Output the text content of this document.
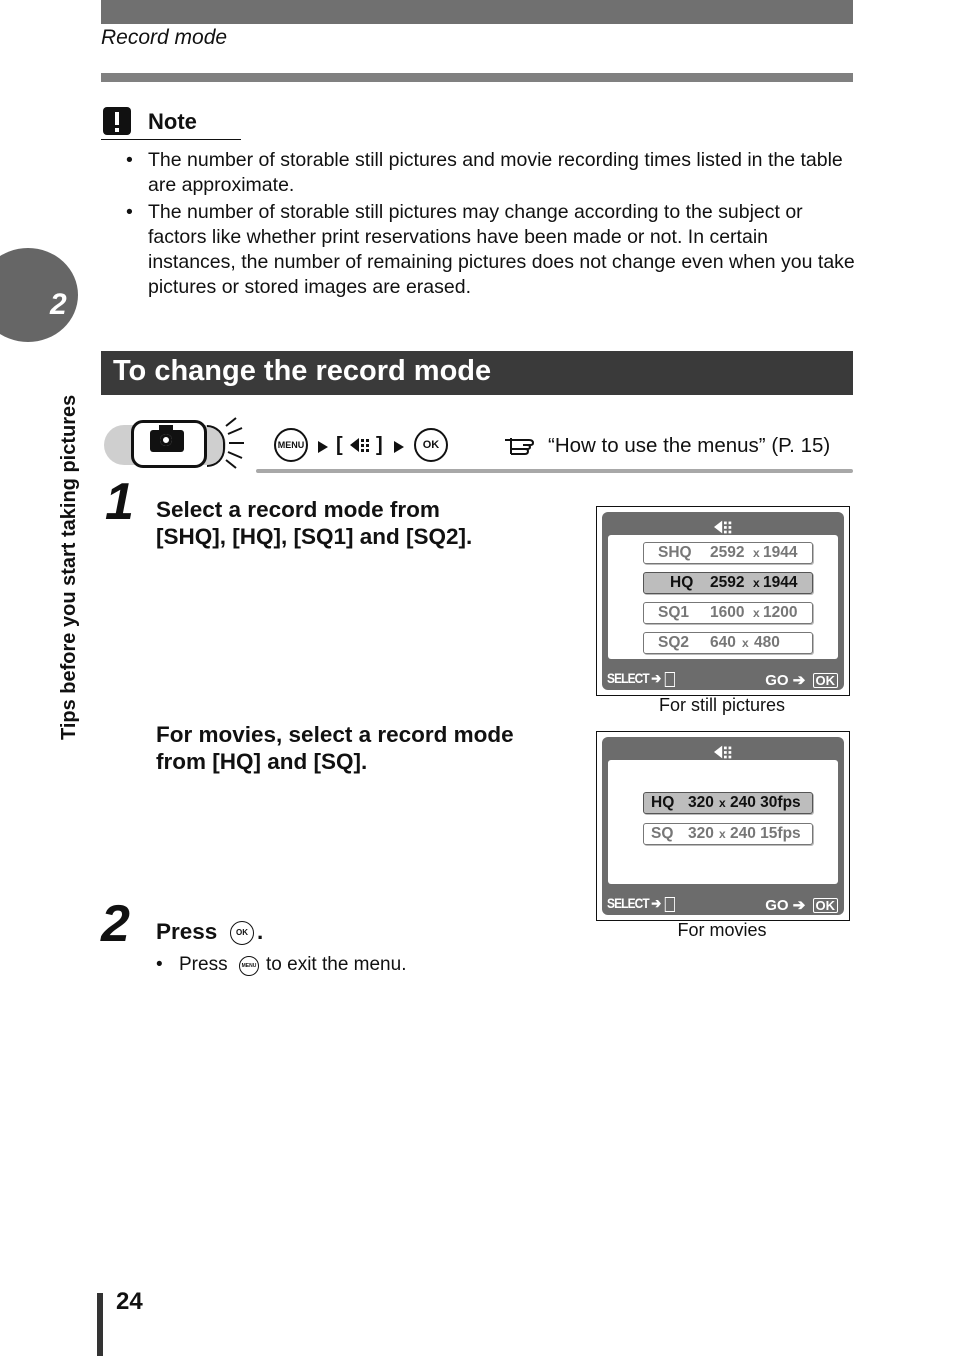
Record mode
2
Tips before you start taking pictures
Note
• The number of storable still pictures and movie recording times listed in the table are approximate.
• The number of storable still pictures may change according to the subject or factors like whether print reservations have been made or not. In certain instances, the number of remaining pictures does not change even when you take pictures or stored images are erased.
To change the record mode
MENU [ ]	OK	“How to use the menus” (P. 15)
1 Select a record mode from
[SHQ], [HQ], [SQ1] and [SQ2].
For movies, select a record mode
from [HQ] and [SQ].
2 Press	OK .
• Press	MENU to exit the menu.
SHQ 2592 x 1944
HQ 2592 x 1944
SQ1 1600 x 1200
SQ2 640 x 480
SELECT ➔	GO ➔ OK
For still pictures
HQ 320 x 240 30fps
SQ 320 x 240 15fps
SELECT ➔	GO ➔ OK
For movies
24
